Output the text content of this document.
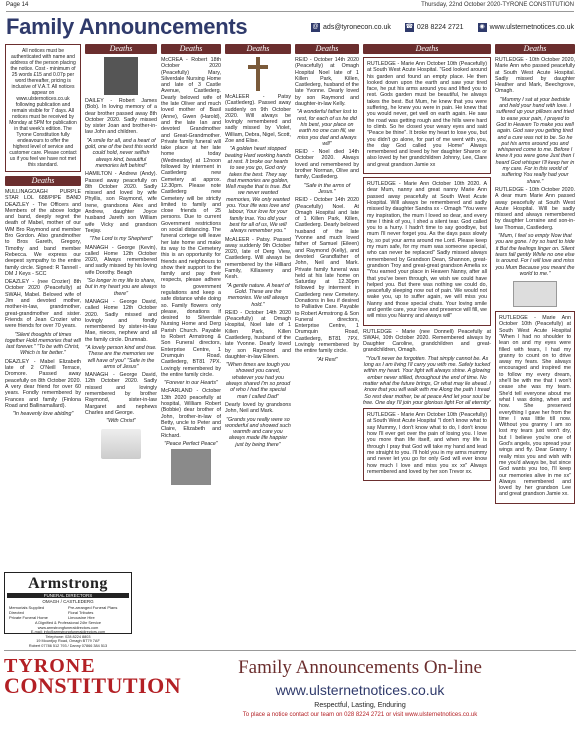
Page 14	Thursday, 22nd October 2020-TYRONE CONSTITUTION
Family Announcements	@ ads@tyronecon.co.uk ☎ 028 8224 2721	◉ www.ulsternetnotices.co.uk
All notices must be authenticated with name and address of the person placing the notice. Cost - minimum of 25 words £15 and 0.07p per word thereafter, pricing is inclusive of V.A.T. All notices appear on www.ulsternotices.co.uk following publication and remain visible for 7 days. All notices must be received by Monday at 5PM for publication in that week's edition. The Tyrone Constitution fully endeavours to offer the highest level of service and customer care. Please contact us if you feel we have not met this standard.
Deaths

MULLINAGOAGH PURPLE STAR LOL 688/PIPE BAND DEAZLEY - The Officers and Members of the above lodge and band, deeply regret the death of Mabel, mother of our WM Bro Raymond and member Bro Gordon. Also grandmother to Bros Gareth, Gregory, Timothy and band member Rebecca. We express our deepest sympathy to the entire family circle. Signed: R Tannell - DM J Keys - SCC

DEAZLEY - (nee Crozier) 8th October 2020 (Peacefully) at SWAH, Mabel. Beloved wife of Jim and devoted mother, mother-in-law, grandmother, great-grandmother and sister. Friends of Jean Crozier who were friends for over 70 years.

"Silent thoughts of times together Hold memories that will last forever." "To be with Christ, Which is far better."

DEAZLEY - Mabel Elizabeth late of 2 O'Neill Terrace, Dromore. Passed away peacefully on 8th October 2020. A very dear friend for over 60 years. Fondly remembered by Frances and family (Finlona Road and Ballinamallard).

"In heavenly love abiding"

Deaths

DAILEY - Robert James (Bob). In loving memory of a dear brother passed away 8th October 2020. Sadly missed by sister Joan and brother-in-law John and children.

"A smile for all, and a heart of gold, one of the best this world could hold, never selfish always kind, beautiful memories left behind"

HAMILTON - Andrew (Andy). Passed away peacefully on 8th October 2020. Sadly missed and loved by wife Phyllis, son Raymond, wife Irene, grandsons Alex and Andrew, daughter Joyce husband Jareth son William wife Vicky and grandson Teejay.

"The Lord is my Shepherd"

MANAGH - George (Kevin), called Home 12th October 2020, Always remembered and sadly missed by his loving wife Dorothy. Beagh

"So longer in my life to share, but in my heart you are always there"

MANAGH - George David, called Home 12th October 2020. Sadly missed and lovingly and fondly remembered by sister-in-law Mae, nieces, nephew and all the family circle. Drumnab.

"A lovely person kind and true. These are the memories we will have of you" "Safe in the arms of Jesus"

MANAGH - George David, 12th October 2020. Sadly missed and lovingly remembered by brother Raymond, sister-in-law Margaret and nephews Charles and George.

"With Christ"

Deaths

McCREA - Robert 18th October 2020 (Peacefully) Mary, Silverdale Nursing Home and late of 3 Castle Avenue, Castlederg. Dearly beloved wife of the late Oliver and much loved mother of Basil (Anne), Gwen (Harold), and the late Ian and devoted Grandmother and Great-Grandmother. Private family funeral will take place at her late home today (Wednesday) at 12noon followed by interment in Castlederg new Cemetery at approx. 12.30pm. Please note Castlederg new Cemetery will be strictly limited to family and close friends of 25 persons. Due to current Government restrictions on social distancing. The funeral cortege will leave her late home and make its way to the Cemetery this is an opportunity for friends and neighbours to show their support to the family and pay their respects, please adhere to government regulations and keep a safe distance while doing so. Family flowers only please, donations if desired to Silverdale Nursing Home and Derg Parish Church. Payable to Robert Armstrong & Son Funeral directors, Enterprise Centre, 1 Drumquin Road, Castlederg, BT81 7PX. Lovingly remembered by the entire family circle.

"Forever in our Hearts"

McFARLAND - October 13th 2020 peacefully at hospital, William Robert (Bobbie) dear brother of John, brother-in-law of Betty, uncle to Peter and Claire, Elizabeth and Richard.

"Peace Perfect Peace"

Deaths

McALEER - Patsy (Castlederg). Passed away suddenly on 9th October 2020. Will always be lovingly remembered and sadly missed by Violet, William, Debra, Nigel, Scott, Zoe and Elise.

"A golden heart stopped beating Hard working hands at rest. It broke our hearts to see you go, God only takes the best. They say that memories are golden, Well maybe that is true. But we never wanted memories, We only wanted you. Your life was love and labour, Your love for your family true. You did your best for all of us, We will always remember you."

McALEER - Patsy. Passed away suddenly 9th October 2020, late of Derg View, Castlederg. Will always be remembered by the Hilliard Family, Killaseery and Kesh.

"A gentle nature. A heart of Gold. These are the memories. We will always hold."

REID - October 14th 2020 (Peacefully) at Omagh Hospital, Noel late of 1 Killen Park, Killen Castlederg, husband of the late Yvonne. Dearly loved by son Raymond and daughter-in-law Eileen.

"When times are tough you showed you cared, whatever you had you always shared I'm so proud of who I had the special man I called Dad"

Dearly loved by grandsons John, Neil and Mark.

"Grands you really were so wonderful and showed such warmth and care you always made life happier just by being there"

Deaths

REID - October 14th 2020 (Peacefully) at Omagh Hospital Noel late of 1 Killen Park, Killen, Castlederg, husband of the late Yvonne. Dearly loved by son Raymond and daughter-in-law Kelly.

"A wonderful father lost to rest, for each of us he did his best, your place on earth no one can fill, we miss you dad and always will"

REID - Noel died 14th October 2020. Always loved and remembered by brother Norman, Olive and family, Castlederg.

"Safe in the arms of Jesus."

REID - October 14th 2020 (Peacefully) Noel. At Omagh Hospital and late of 1 Killen Park, Killen, Castlederg. Dearly beloved husband of the late Yvonne and much loved father of Samuel (Eileen) and Raymond (Kelly), and devoted Grandfather of John, Neil and Mark. Private family funeral was held at his late home on Saturday at 12.30pm followed by interment in Castlederg new Cemetery. Donations in lieu if desired to Palliative Care. Payable to Robert Armstrong & Son Funeral directors, Enterprise Centre, 1 Drumquin Road, Castlederg, BT81 7PX. Lovingly remembered by the entire family circle.

"At Rest"

Deaths

RUTLEDGE - Marie Ann October 10th (Peacefully) at South West Acute Hospital. "God looked around his garden and found an empty place. He then looked down upon the earth and saw your tired face, he put his arms around you and lifted you to rest. Gods garden must be beautiful, he always takes the best. But Mum, he knew that you were suffering, he knew you were in pain. He knew that you would never, get well on earth again. He saw the road was getting rough and the hills were hard to climb. So he closed your weary eyes and said "Peace be thine". It broke my heart to lose you, but you didn't go alone, for part of me went with you, the day God called you Home" Always remembered and loved by her daughter Sharon or also loved by her grandchildren Johnny, Lee, Clare and great grandson Jamie xx

RUTLEDGE - Marie Ann October 10th 2020. A dear Mum, nanny and great nanny Marie Ann passed away peacefully at South West Acute Hospital. Will always be remembered and sadly missed by daughter Sandra xx - Omagh "You were my inspiration, the mum I loved so dear, and every time I think of you, I shed a silent tear. God called you to a hurry. I hadn't time to say goodbye, but mum I'll never forget you. As the days pass slowly by, so put your arms around me Lord. Please keep my mum safe, for my mum was someone special, who can never be replaced" Sadly missed always remembered by Grandson Dean, Shannon, great-grandson Troy and great-great grandson Amelia xx "You earned your place in Heaven Nanny, after all that you've been through, we wish we could have helped you. But there was nothing we could do, peacefully sleeping now out of pain. We would not wake you, up to suffer again, we will miss you Nanny and those special chats. Your loving smile and gentle care, your love and presence will fill, we will miss you Nanny and always will"

RUTLEDGE - Marie (nee Donnell) Peacefully at SWAH, 10th October 2020. Remembered always by Daughter Caroline, grandchildren and great-grandchildren, Omagh.

"You'll never be forgotten. That simply cannot be. As long as I am living I'll carry you with me. Safely tucked within my heart. Your light will always shine. A glowing ember never stilled, throughout the end of time. No matter what the future brings, Or what may lie ahead. I know that you will walk with me Along the path I tread So rest dear mother, be at peace And let your soul be free. One day I'll join your glorious light For all eternity"

RUTLEDGE - Marie Ann October 10th (Peacefully) at South West Acute Hospital "I don't know what to say Mummy, I don't know what to do, I don't know how I'll ever get over the pain of losing you. I love you more than life itself, and when my life is through I pray that God will take my hand and lead me straight to you. I'll hold you in my arms mummy and never let you go for only God will ever know how much I love and miss you xx xx" Always remembered and loved by her son Trevor xx.

Deaths

RUTLEDGE - 10th October 2020, Marie Ann who passed peacefully at South West Acute Hospital. Sadly missed by daughter Heather and Mark, Beechgrove, Omagh.

"Mummy I sat at your bedside and held your hand with love. I suffered up your pillows and tried to ease your pain, I prayed to God in Heaven To make you well again. God saw you getting tired and a cure was not to be. So he put his arms around you and whispered come to me. Before I knew it you were gone Just then I heard God whisper I'll keep her in my care. For in this world of suffering You really had your share."

RUTLEDGE - 10th October 2020. A dear mum Marie Ann passed away peacefully at South West Acute Hospital. Will be sadly missed and always remembered by daughter Lorraine and son-in-law Thomas, Castlederg.

"Mum, I feel so empty Now that you are gone. I try so hard to hide it But the feelings linger on. Silent tears fall gently While no one else is around. For I will love and miss you Mum Because you meant the world to me."

RUTLEDGE - Marie Ann October 10th (Peacefully) at South West Acute Hospital "When I had no shoulder to lean on and my eyes were filled with tears, I had my granny to count on to drive away my fears. She always encouraged and inspired me to follow my every dream, she'll be with me that I won't cease she was my team. She'd tell everyone about me what I was doing, when and how. She preserved everything I gave her from the time I was little till now. Without you granny I am so lost my tears just won't dry, but I believe you're one of God's angels, you spread your wings and fly. Dear Granny I really miss you and wish with me you'd always be, but since God wants you too, I'll keep our memories alive in me xx" Always remembered and loved by her grandson Lee and great grandson Jamie xx.

Armstrong
FUNERAL DIRECTORS
OMAGH / CASTLEDERG
Memorials Supplied	Pre-arranged Funeral Plans
Directed	Floral Tributes
Private Funeral Home	Limousine Hire
A Dignified & Professional 24hr Service
www.armstrongfuneraldirectors.com
E-mail: info@armstrongfuneraldirectors.com
Telephone: 028 8224 8803
19 Mountjoy Road, Omagh BT79 7AF
Robert 07786 512 793 / Danny 07866 384 513
TYRONE
CONSTITUTION
Family Announcements On-line
www.ulsternetnotices.co.uk
Respectful, Lasting, Enduring
To place a notice contact our team on 028 8224 2721 or visit www.ulsternetnotices.co.uk
